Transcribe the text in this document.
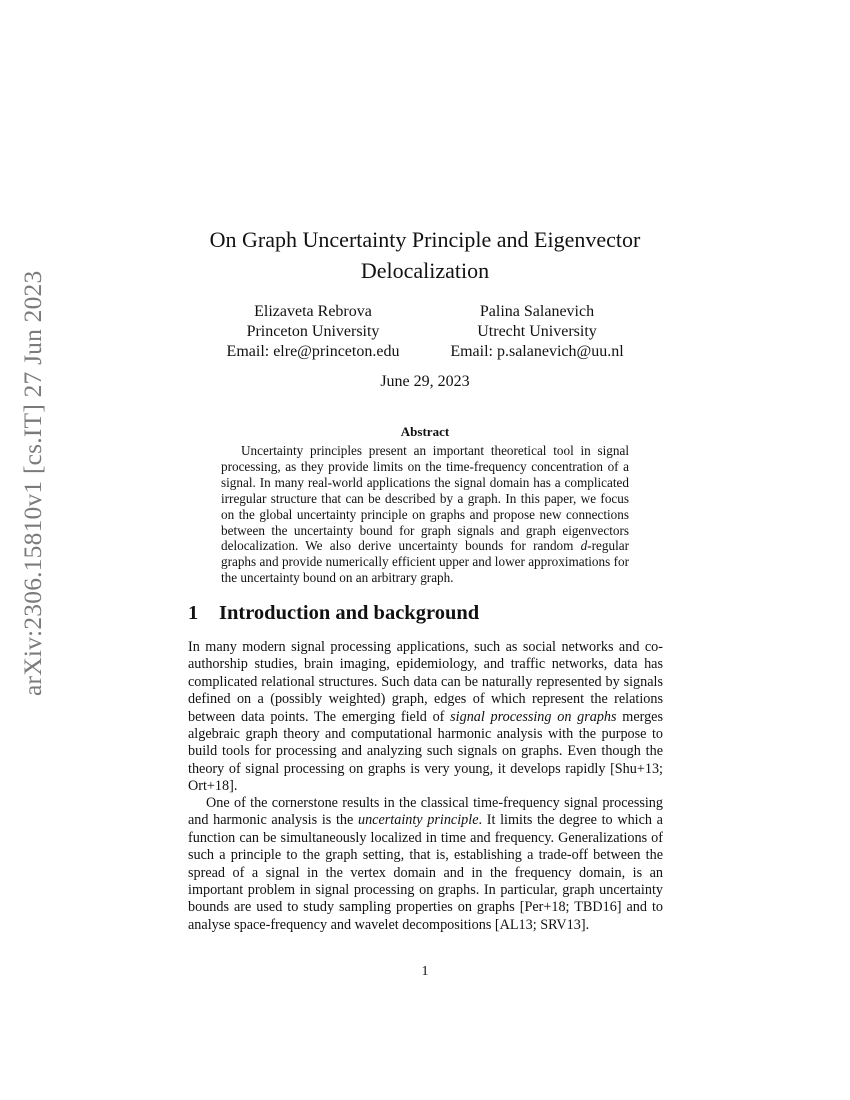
arXiv:2306.15810v1 [cs.IT] 27 Jun 2023
On Graph Uncertainty Principle and Eigenvector Delocalization
Elizaveta Rebrova
Princeton University
Email: elre@princeton.edu
Palina Salanevich
Utrecht University
Email: p.salanevich@uu.nl
June 29, 2023
Abstract
Uncertainty principles present an important theoretical tool in signal processing, as they provide limits on the time-frequency concentration of a signal. In many real-world applications the signal domain has a complicated irregular structure that can be described by a graph. In this paper, we focus on the global uncertainty principle on graphs and propose new connections between the uncertainty bound for graph signals and graph eigenvectors delocalization. We also derive uncertainty bounds for random d-regular graphs and provide numerically efficient upper and lower approximations for the uncertainty bound on an arbitrary graph.
1 Introduction and background
In many modern signal processing applications, such as social networks and co-authorship studies, brain imaging, epidemiology, and traffic networks, data has complicated relational structures. Such data can be naturally represented by signals defined on a (possibly weighted) graph, edges of which represent the relations between data points. The emerging field of signal processing on graphs merges algebraic graph theory and computational harmonic analysis with the purpose to build tools for processing and analyzing such signals on graphs. Even though the theory of signal processing on graphs is very young, it develops rapidly [Shu+13; Ort+18].
One of the cornerstone results in the classical time-frequency signal processing and harmonic analysis is the uncertainty principle. It limits the degree to which a function can be simultaneously localized in time and frequency. Generalizations of such a principle to the graph setting, that is, establishing a trade-off between the spread of a signal in the vertex domain and in the frequency domain, is an important problem in signal processing on graphs. In particular, graph uncertainty bounds are used to study sampling properties on graphs [Per+18; TBD16] and to analyse space-frequency and wavelet decompositions [AL13; SRV13].
1
